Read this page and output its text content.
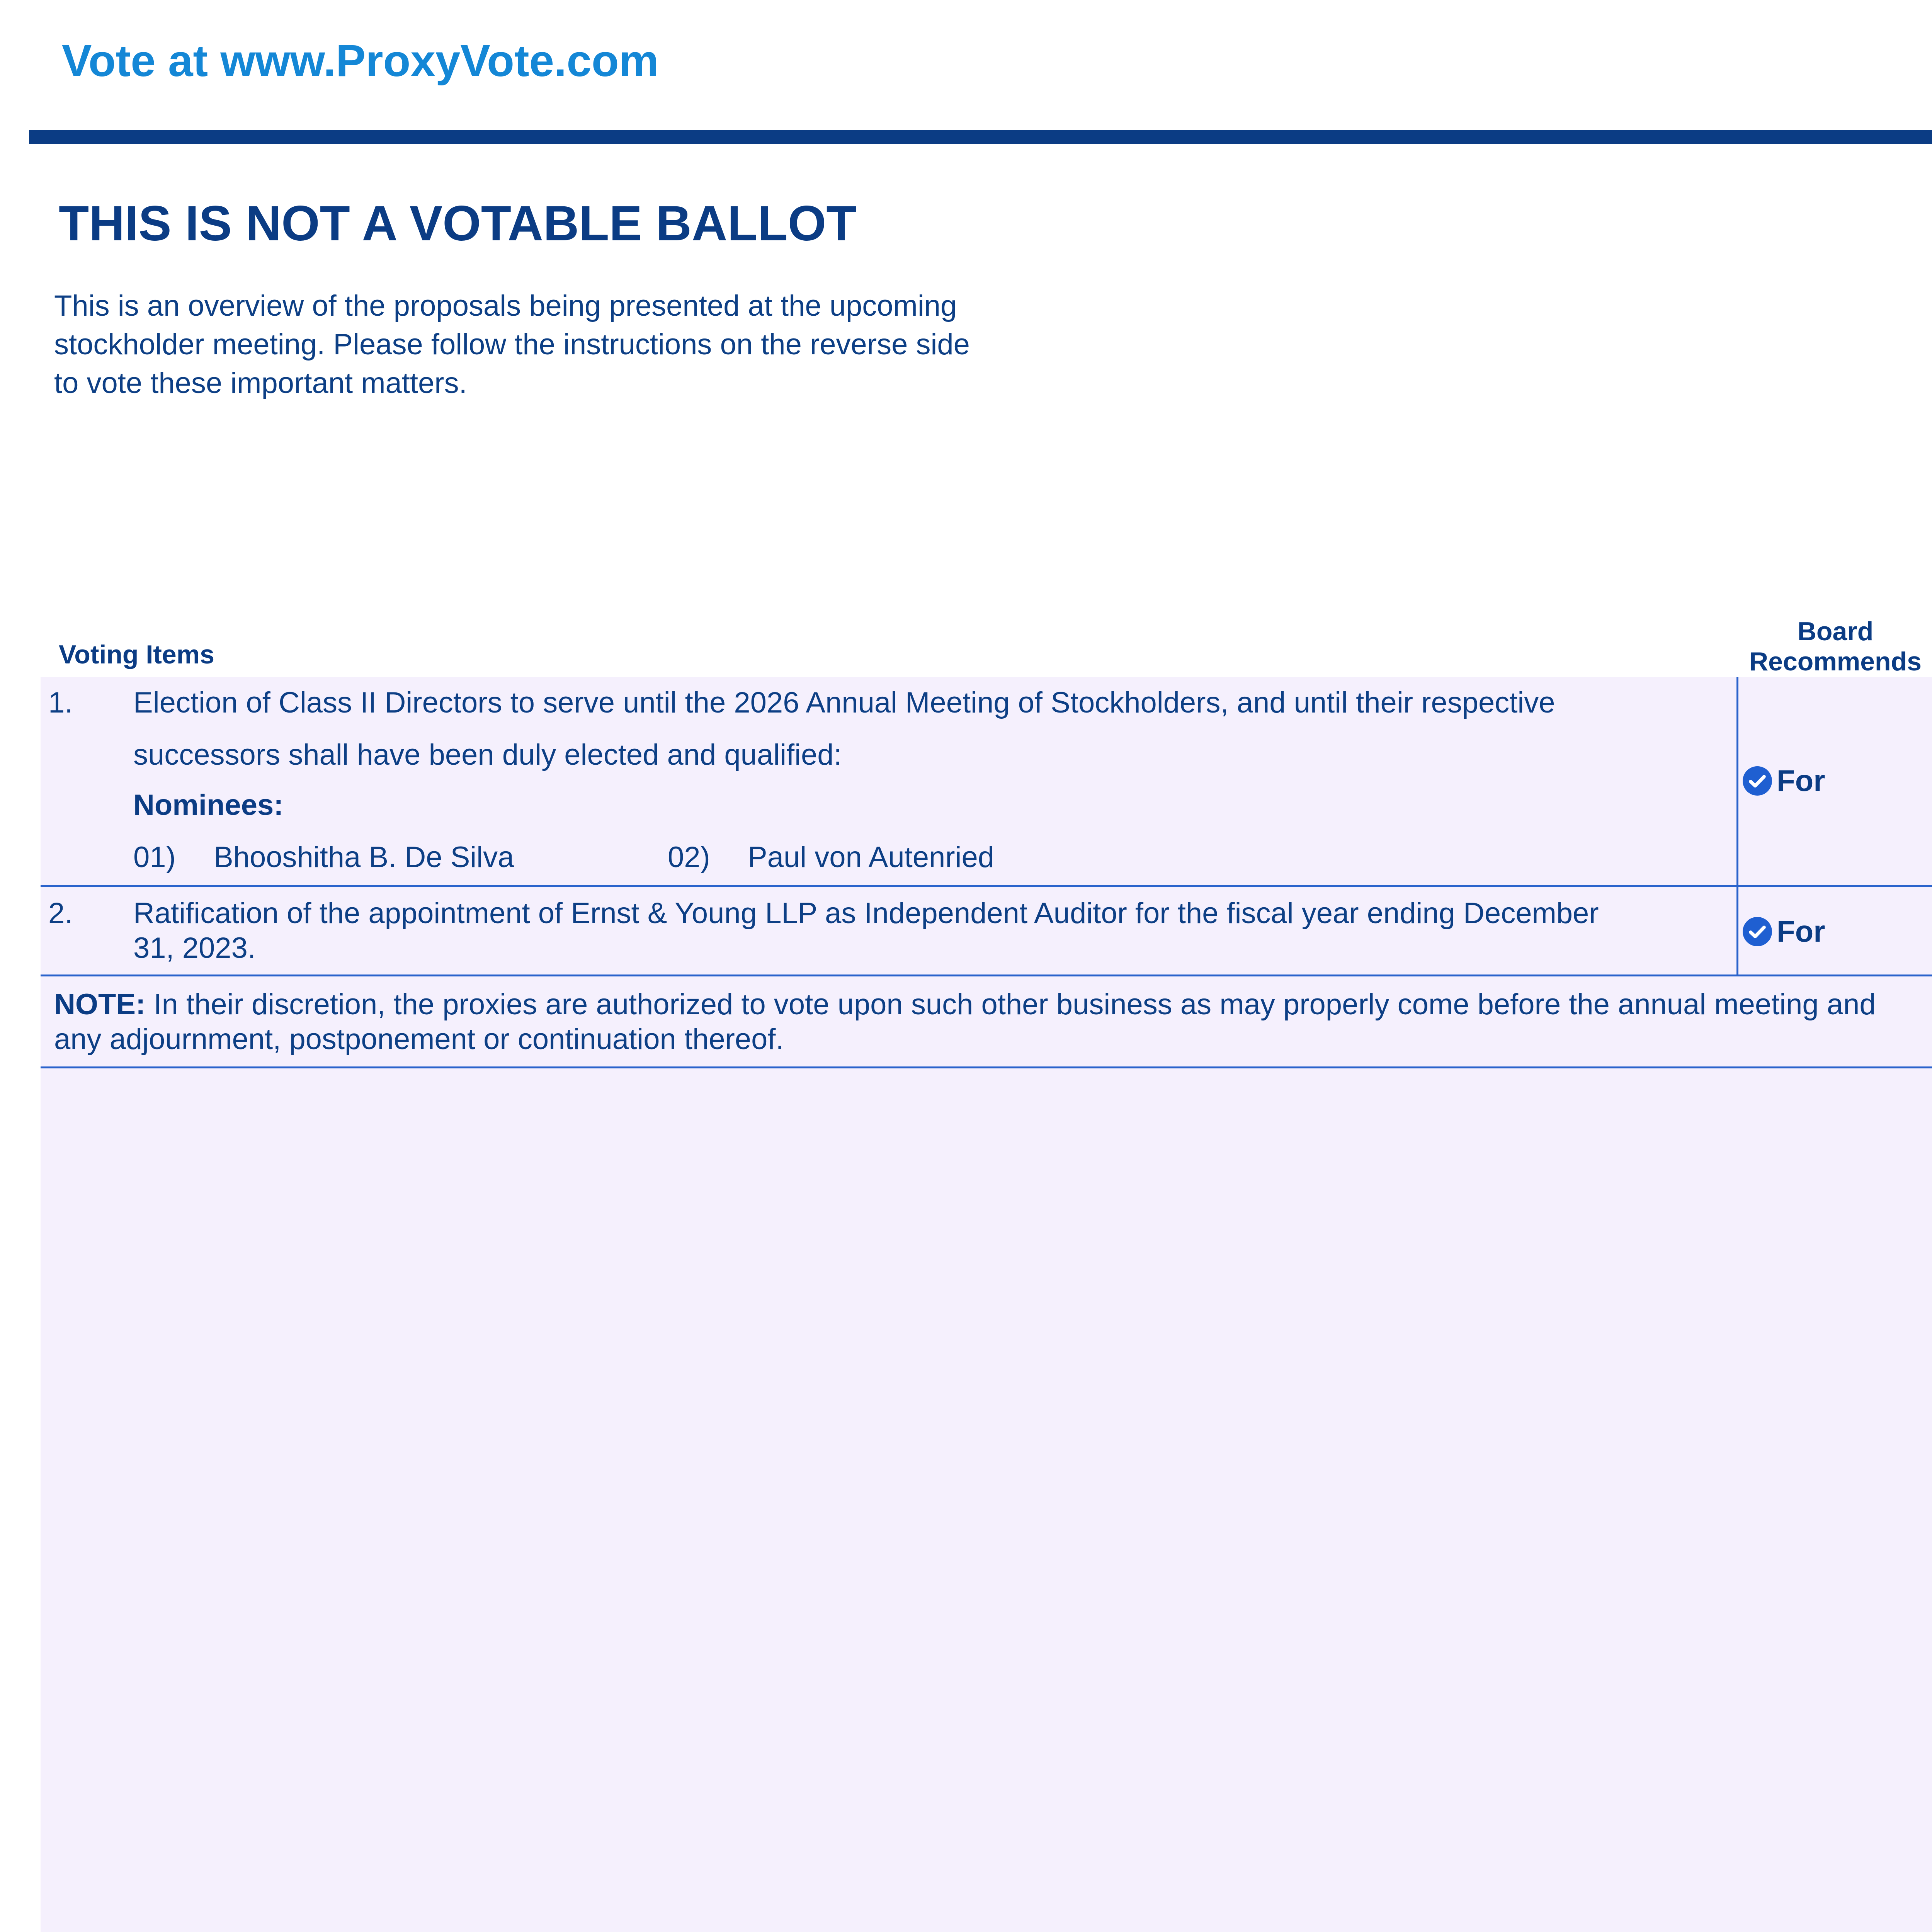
Vote at www.ProxyVote.com
THIS IS NOT A VOTABLE BALLOT
This is an overview of the proposals being presented at the upcoming stockholder meeting. Please follow the instructions on the reverse side to vote these important matters.
Voting Items
Board Recommends
1. Election of Class II Directors to serve until the 2026 Annual Meeting of Stockholders, and until their respective
successors shall have been duly elected and qualified:
Nominees:
01) Bhooshitha B. De Silva	02) Paul von Autenried
For
2. Ratification of the appointment of Ernst & Young LLP as Independent Auditor for the fiscal year ending December
31, 2023.	For
NOTE: In their discretion, the proxies are authorized to vote upon such other business as may properly come before the annual meeting and any adjournment, postponement or continuation thereof.
